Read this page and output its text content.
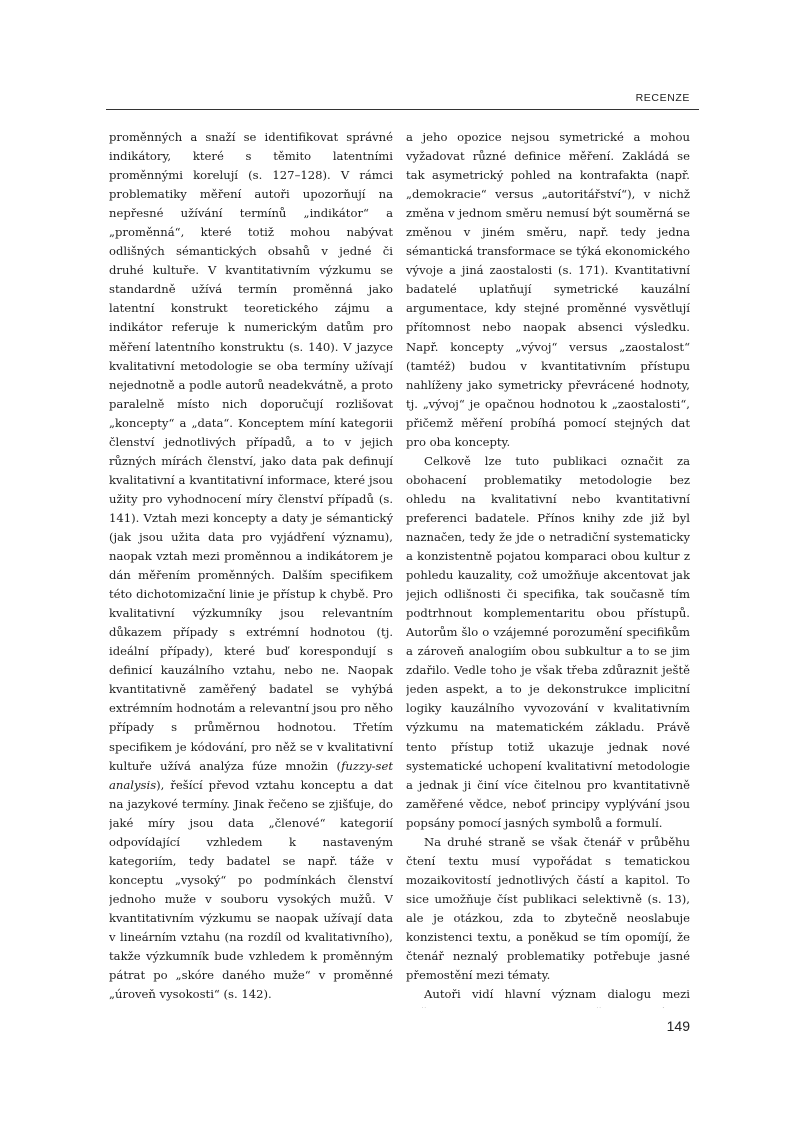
RECENZE

proměnných a snaží se identifikovat správné indikátory, které s těmito latentními proměnnými korelují (s. 127–128). V rámci problematiky měření autoři upozorňují na nepřesné užívání termínů „indikátor“ a „proměnná“, které totiž mohou nabývat odlišných sémantických obsahů v jedné či druhé kultuře. V kvantitativním výzkumu se standardně užívá termín proměnná jako latentní konstrukt teoretického zájmu a indikátor referuje k numerickým datům pro měření latentního konstruktu (s. 140). V jazyce kvalitativní metodologie se oba termíny užívají nejednotně a podle autorů neadekvátně, a proto paralelně místo nich doporučují rozlišovat „koncepty“ a „data“. Konceptem míní kategorii členství jednotlivých případů, a to v jejich různých mírách členství, jako data pak definují kvalitativní a kvantitativní informace, které jsou užity pro vyhodnocení míry členství případů (s. 141). Vztah mezi koncepty a daty je sémantický (jak jsou užita data pro vyjádření významu), naopak vztah mezi proměnnou a indikátorem je dán měřením proměnných. Dalším specifikem této dichotomizační linie je přístup k chybě. Pro kvalitativní výzkumníky jsou relevantním důkazem případy s extrémní hodnotou (tj. ideální případy), které buď korespondují s definicí kauzálního vztahu, nebo ne. Naopak kvantitativně zaměřený badatel se vyhýbá extrémním hodnotám a relevantní jsou pro něho případy s průměrnou hodnotou. Třetím specifikem je kódování, pro něž se v kvalitativní kultuře užívá analýza fúze množin (fuzzy-set analysis), řešící převod vztahu konceptu a dat na jazykové termíny. Jinak řečeno se zjišťuje, do jaké míry jsou data „členové“ kategorií odpovídající vzhledem k nastaveným kategoriím, tedy badatel se např. táže v konceptu „vysoký“ po podmínkách členství jednoho muže v souboru vysokých mužů. V kvantitativním výzkumu se naopak užívají data v lineárním vztahu (na rozdíl od kvalitativního), takže výzkumník bude vzhledem k proměnným pátrat po „skóre daného muže“ v proměnné „úroveň vysokosti“ (s. 142).

a jeho opozice nejsou symetrické a mohou vyžadovat různé definice měření. Zakládá se tak asymetrický pohled na kontrafakta (např. „demokracie“ versus „autoritářství“), v nichž změna v jednom směru nemusí být souměrná se změnou v jiném směru, např. tedy jedna sémantická transformace se týká ekonomického vývoje a jiná zaostalosti (s. 171). Kvantitativní badatelé uplatňují symetrické kauzální argumentace, kdy stejné proměnné vysvětlují přítomnost nebo naopak absenci výsledku. Např. koncepty „vývoj“ versus „zaostalost“ (tamtéž) budou v kvantitativním přístupu nahlíženy jako symetricky převrácené hodnoty, tj. „vývoj“ je opačnou hodnotou k „zaostalosti“, přičemž měření probíhá pomocí stejných dat pro oba koncepty.

Celkově lze tuto publikaci označit za obohacení problematiky metodologie bez ohledu na kvalitativní nebo kvantitativní preferenci badatele. Přínos knihy zde již byl naznačen, tedy že jde o netradiční systematicky a konzistentně pojatou komparaci obou kultur z pohledu kauzality, což umožňuje akcentovat jak jejich odlišnosti či specifika, tak současně tím podtrhnout komplementaritu obou přístupů. Autorům šlo o vzájemné porozumění specifikům a zároveň analogiím obou subkultur a to se jim zdařilo. Vedle toho je však třeba zdůraznit ještě jeden aspekt, a to je dekonstrukce implicitní logiky kauzálního vyvozování v kvalitativním výzkumu na matematickém základu. Právě tento přístup totiž ukazuje jednak nové systematické uchopení kvalitativní metodologie a jednak ji činí více čitelnou pro kvantitativně zaměřené vědce, neboť principy vyplývání jsou popsány pomocí jasných symbolů a formulí.

Na druhé straně se však čtenář v průběhu čtení textu musí vypořádat s tematickou mozaikovitostí jednotlivých částí a kapitol. To sice umožňuje číst publikaci selektivně (s. 13), ale je otázkou, zda to zbytečně neoslabuje konzistenci textu, a poněkud se tím opomíjí, že čtenář neznalý problematiky potřebuje jasné přemostění mezi tématy.

Autoři vidí hlavní význam dialogu mezi

149
